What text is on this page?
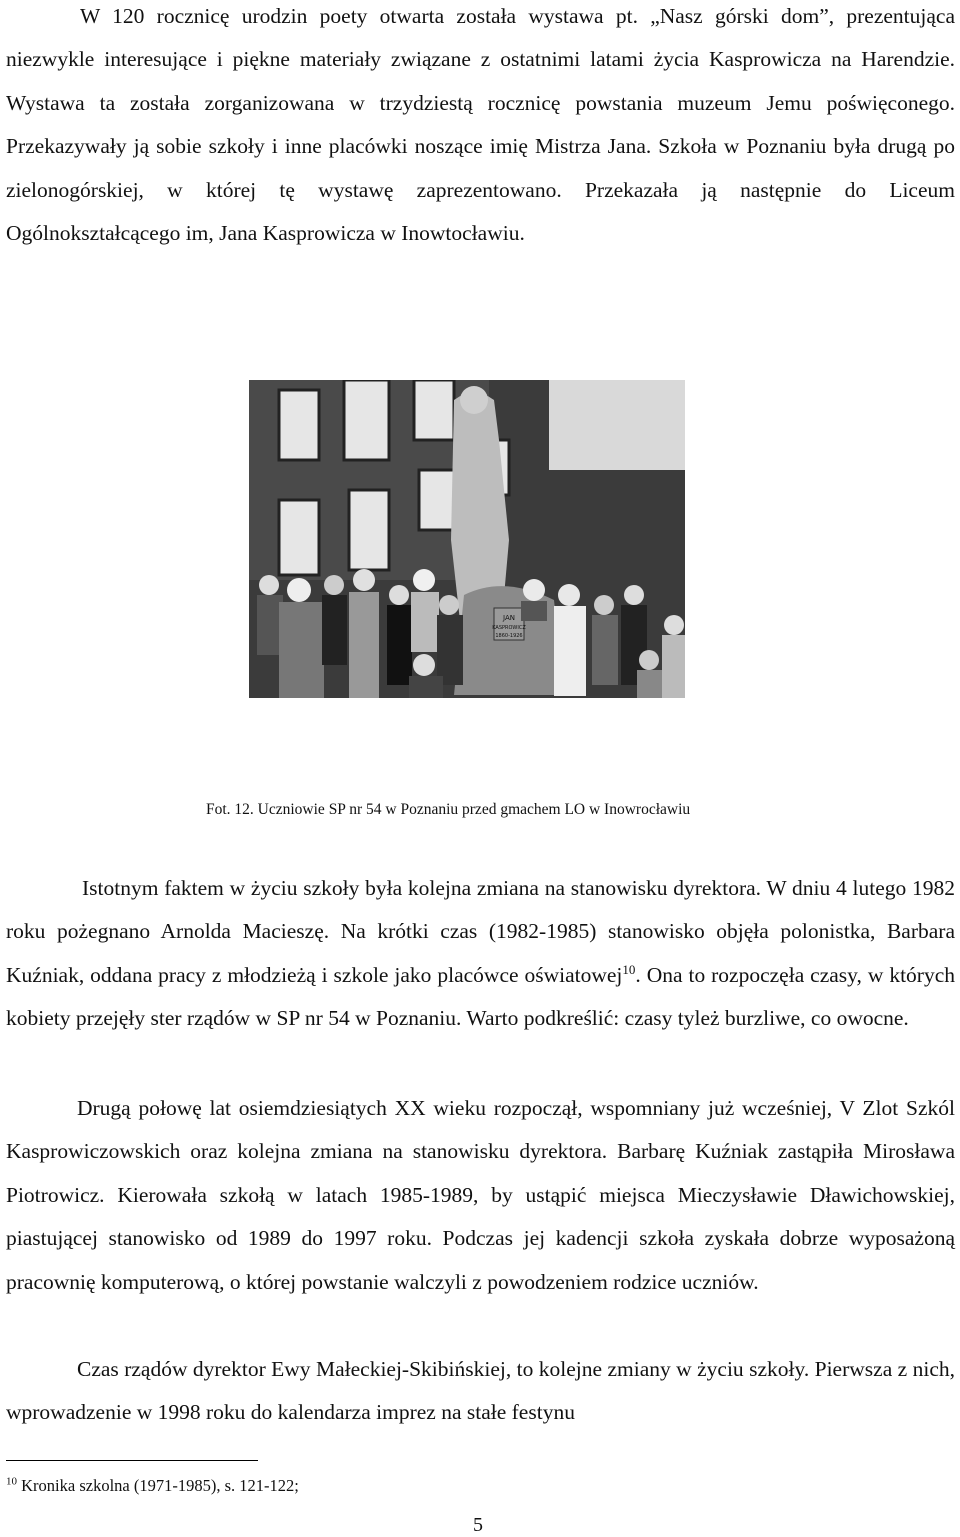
W 120 rocznicę urodzin poety otwarta została wystawa pt. „Nasz górski dom”, prezentująca niezwykle interesujące i piękne materiały związane z ostatnimi latami życia Kasprowicza na Harendzie. Wystawa ta została zorganizowana w trzydziestą rocznicę powstania muzeum Jemu poświęconego. Przekazywały ją sobie szkoły i inne placówki noszące imię Mistrza Jana. Szkoła w Poznaniu była drugą po zielonogórskiej, w której tę wystawę zaprezentowano. Przekazała ją następnie do Liceum Ogólnokształcącego im, Jana Kasprowicza w Inowtocławiu.

JAN
KASPROWICZ
1860-1926
Fot. 12. Uczniowie SP nr 54 w Poznaniu przed gmachem LO w Inowrocławiu

Istotnym faktem w życiu szkoły była kolejna zmiana na stanowisku dyrektora. W dniu 4 lutego 1982 roku pożegnano Arnolda Macieszę. Na krótki czas (1982-1985) stanowisko objęła polonistka, Barbara Kuźniak, oddana pracy z młodzieżą i szkole jako placówce oświatowej$^{10}$. Ona to rozpoczęła czasy, w których kobiety przejęły ster rządów w SP nr 54 w Poznaniu. Warto podkreślić: czasy tyleż burzliwe, co owocne.

Drugą połowę lat osiemdziesiątych XX wieku rozpoczął, wspomniany już wcześniej, V Zlot Szkól Kasprowiczowskich oraz kolejna zmiana na stanowisku dyrektora. Barbarę Kuźniak zastąpiła Mirosława Piotrowicz. Kierowała szkołą w latach 1985-1989, by ustąpić miejsca Mieczysławie Dławichowskiej, piastującej stanowisko od 1989 do 1997 roku. Podczas jej kadencji szkoła zyskała dobrze wyposażoną pracownię komputerową, o której powstanie walczyli z powodzeniem rodzice uczniów.

Czas rządów dyrektor Ewy Małeckiej-Skibińskiej, to kolejne zmiany w życiu szkoły. Pierwsza z nich, wprowadzenie w 1998 roku do kalendarza imprez na stałe festynu

$^{10}$ Kronika szkolna (1971-1985), s. 121-122;
5
